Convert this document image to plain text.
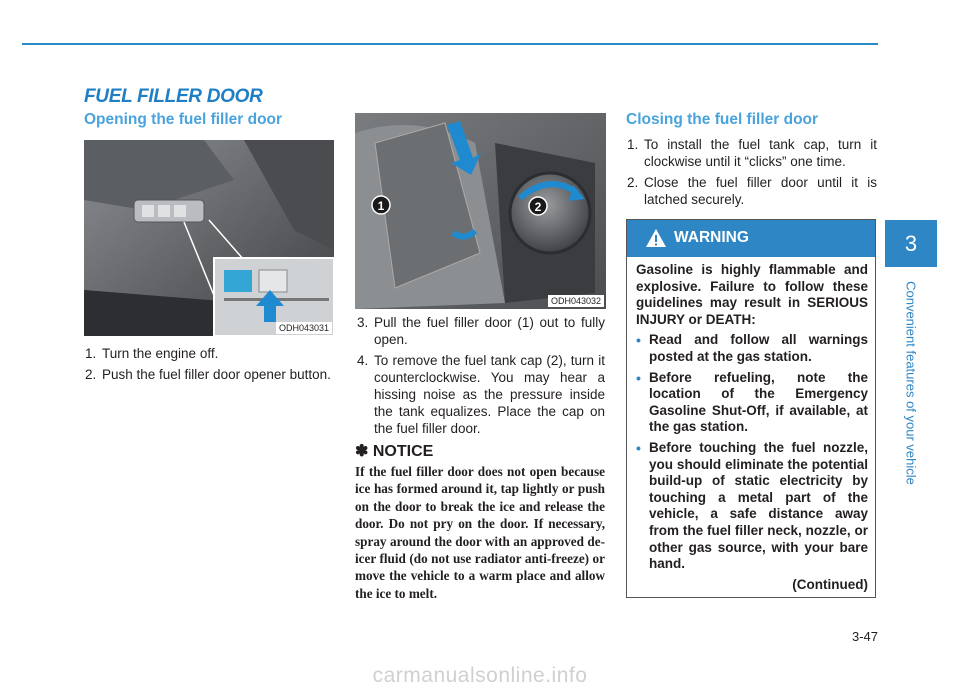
FUEL FILLER DOOR
Opening the fuel filler door
ODH043031
1	2
ODH043032
1. Turn the engine off.
2. Push the fuel filler door opener button.
3. Pull the fuel filler door (1) out to fully open.
4. To remove the fuel tank cap (2), turn it counterclockwise. You may hear a hissing noise as the pressure inside the tank equalizes. Place the cap on the fuel filler door.
✽ NOTICE
If the fuel filler door does not open because ice has formed around it, tap lightly or push on the door to break the ice and release the door. Do not pry on the door. If necessary, spray around the door with an approved de-icer fluid (do not use radiator anti-freeze) or move the vehicle to a warm place and allow the ice to melt.
Closing the fuel filler door
1. To install the fuel tank cap, turn it clockwise until it “clicks” one time.
2. Close the fuel filler door until it is latched securely.
WARNING
Gasoline is highly flammable and explosive. Failure to follow these guidelines may result in SERIOUS INJURY or DEATH:
• Read and follow all warnings posted at the gas station.
• Before refueling, note the location of the Emergency Gasoline Shut-Off, if available, at the gas station.
• Before touching the fuel nozzle, you should eliminate the potential build-up of static electricity by touching a metal part of the vehicle, a safe distance away from the fuel filler neck, nozzle, or other gas source, with your bare hand.
(Continued)
3
Convenient features of your vehicle
3-47
carmanualsonline.info
